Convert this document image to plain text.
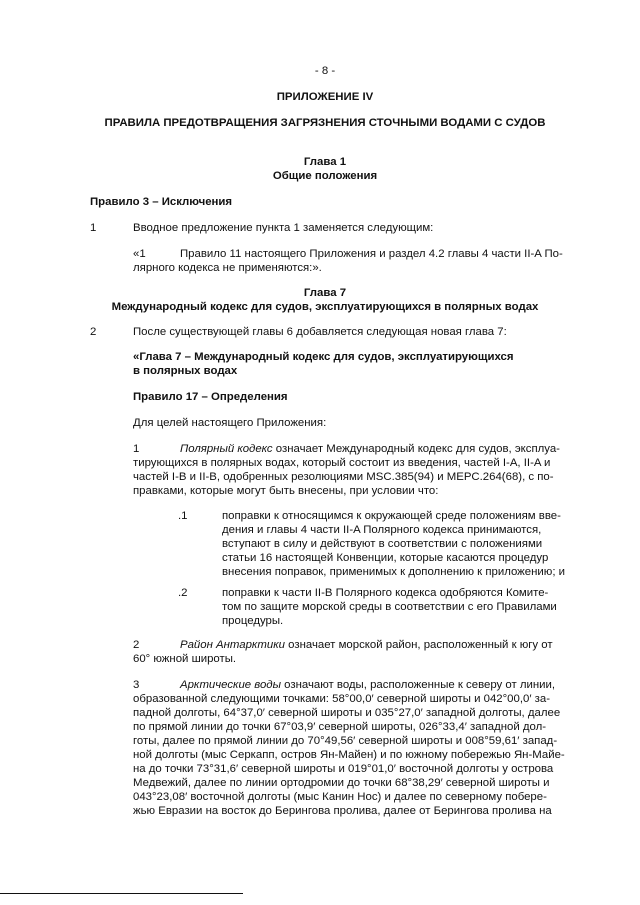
- 8 -
ПРИЛОЖЕНИЕ IV
ПРАВИЛА ПРЕДОТВРАЩЕНИЯ ЗАГРЯЗНЕНИЯ СТОЧНЫМИ ВОДАМИ С СУДОВ
Глава 1
Общие положения
Правило 3 – Исключения
1	Вводное предложение пункта 1 заменяется следующим:
«1	Правило 11 настоящего Приложения и раздел 4.2 главы 4 части II-A По-
лярного кодекса не применяются:».
Глава 7
Международный кодекс для судов, эксплуатирующихся в полярных водах
2	После существующей главы 6 добавляется следующая новая глава 7:
«Глава 7 – Международный кодекс для судов, эксплуатирующихся
в полярных водах
Правило 17 – Определения
Для целей настоящего Приложения:
1	Полярный кодекс означает Международный кодекс для судов, эксплуа-
тирующихся в полярных водах, который состоит из введения, частей I-A, II-A и
частей I-B и II-B, одобренных резолюциями MSC.385(94) и MEPC.264(68), с по-
правками, которые могут быть внесены, при условии что:
.1	поправки к относящимся к окружающей среде положениям вве-
дения и главы 4 части II-A Полярного кодекса принимаются,
вступают в силу и действуют в соответствии с положениями
статьи 16 настоящей Конвенции, которые касаются процедур
внесения поправок, применимых к дополнению к приложению; и
.2	поправки к части II-B Полярного кодекса одобряются Комите-
том по защите морской среды в соответствии с его Правилами
процедуры.
2	Район Антарктики означает морской район, расположенный к югу от
60° южной широты.
3	Арктические воды означают воды, расположенные к северу от линии,
образованной следующими точками: 58°00,0′ северной широты и 042°00,0′ за-
падной долготы, 64°37,0′ северной широты и 035°27,0′ западной долготы, далее
по прямой линии до точки 67°03,9′ северной широты, 026°33,4′ западной дол-
готы, далее по прямой линии до 70°49,56′ северной широты и 008°59,61′ запад-
ной долготы (мыс Серкапп, остров Ян-Майен) и по южному побережью Ян-Майе-
на до точки 73°31,6′ северной широты и 019°01,0′ восточной долготы у острова
Медвежий, далее по линии ортодромии до точки 68°38,29′ северной широты и
043°23,08′ восточной долготы (мыс Канин Нос) и далее по северному побере-
жью Евразии на восток до Берингова пролива, далее от Берингова пролива на
